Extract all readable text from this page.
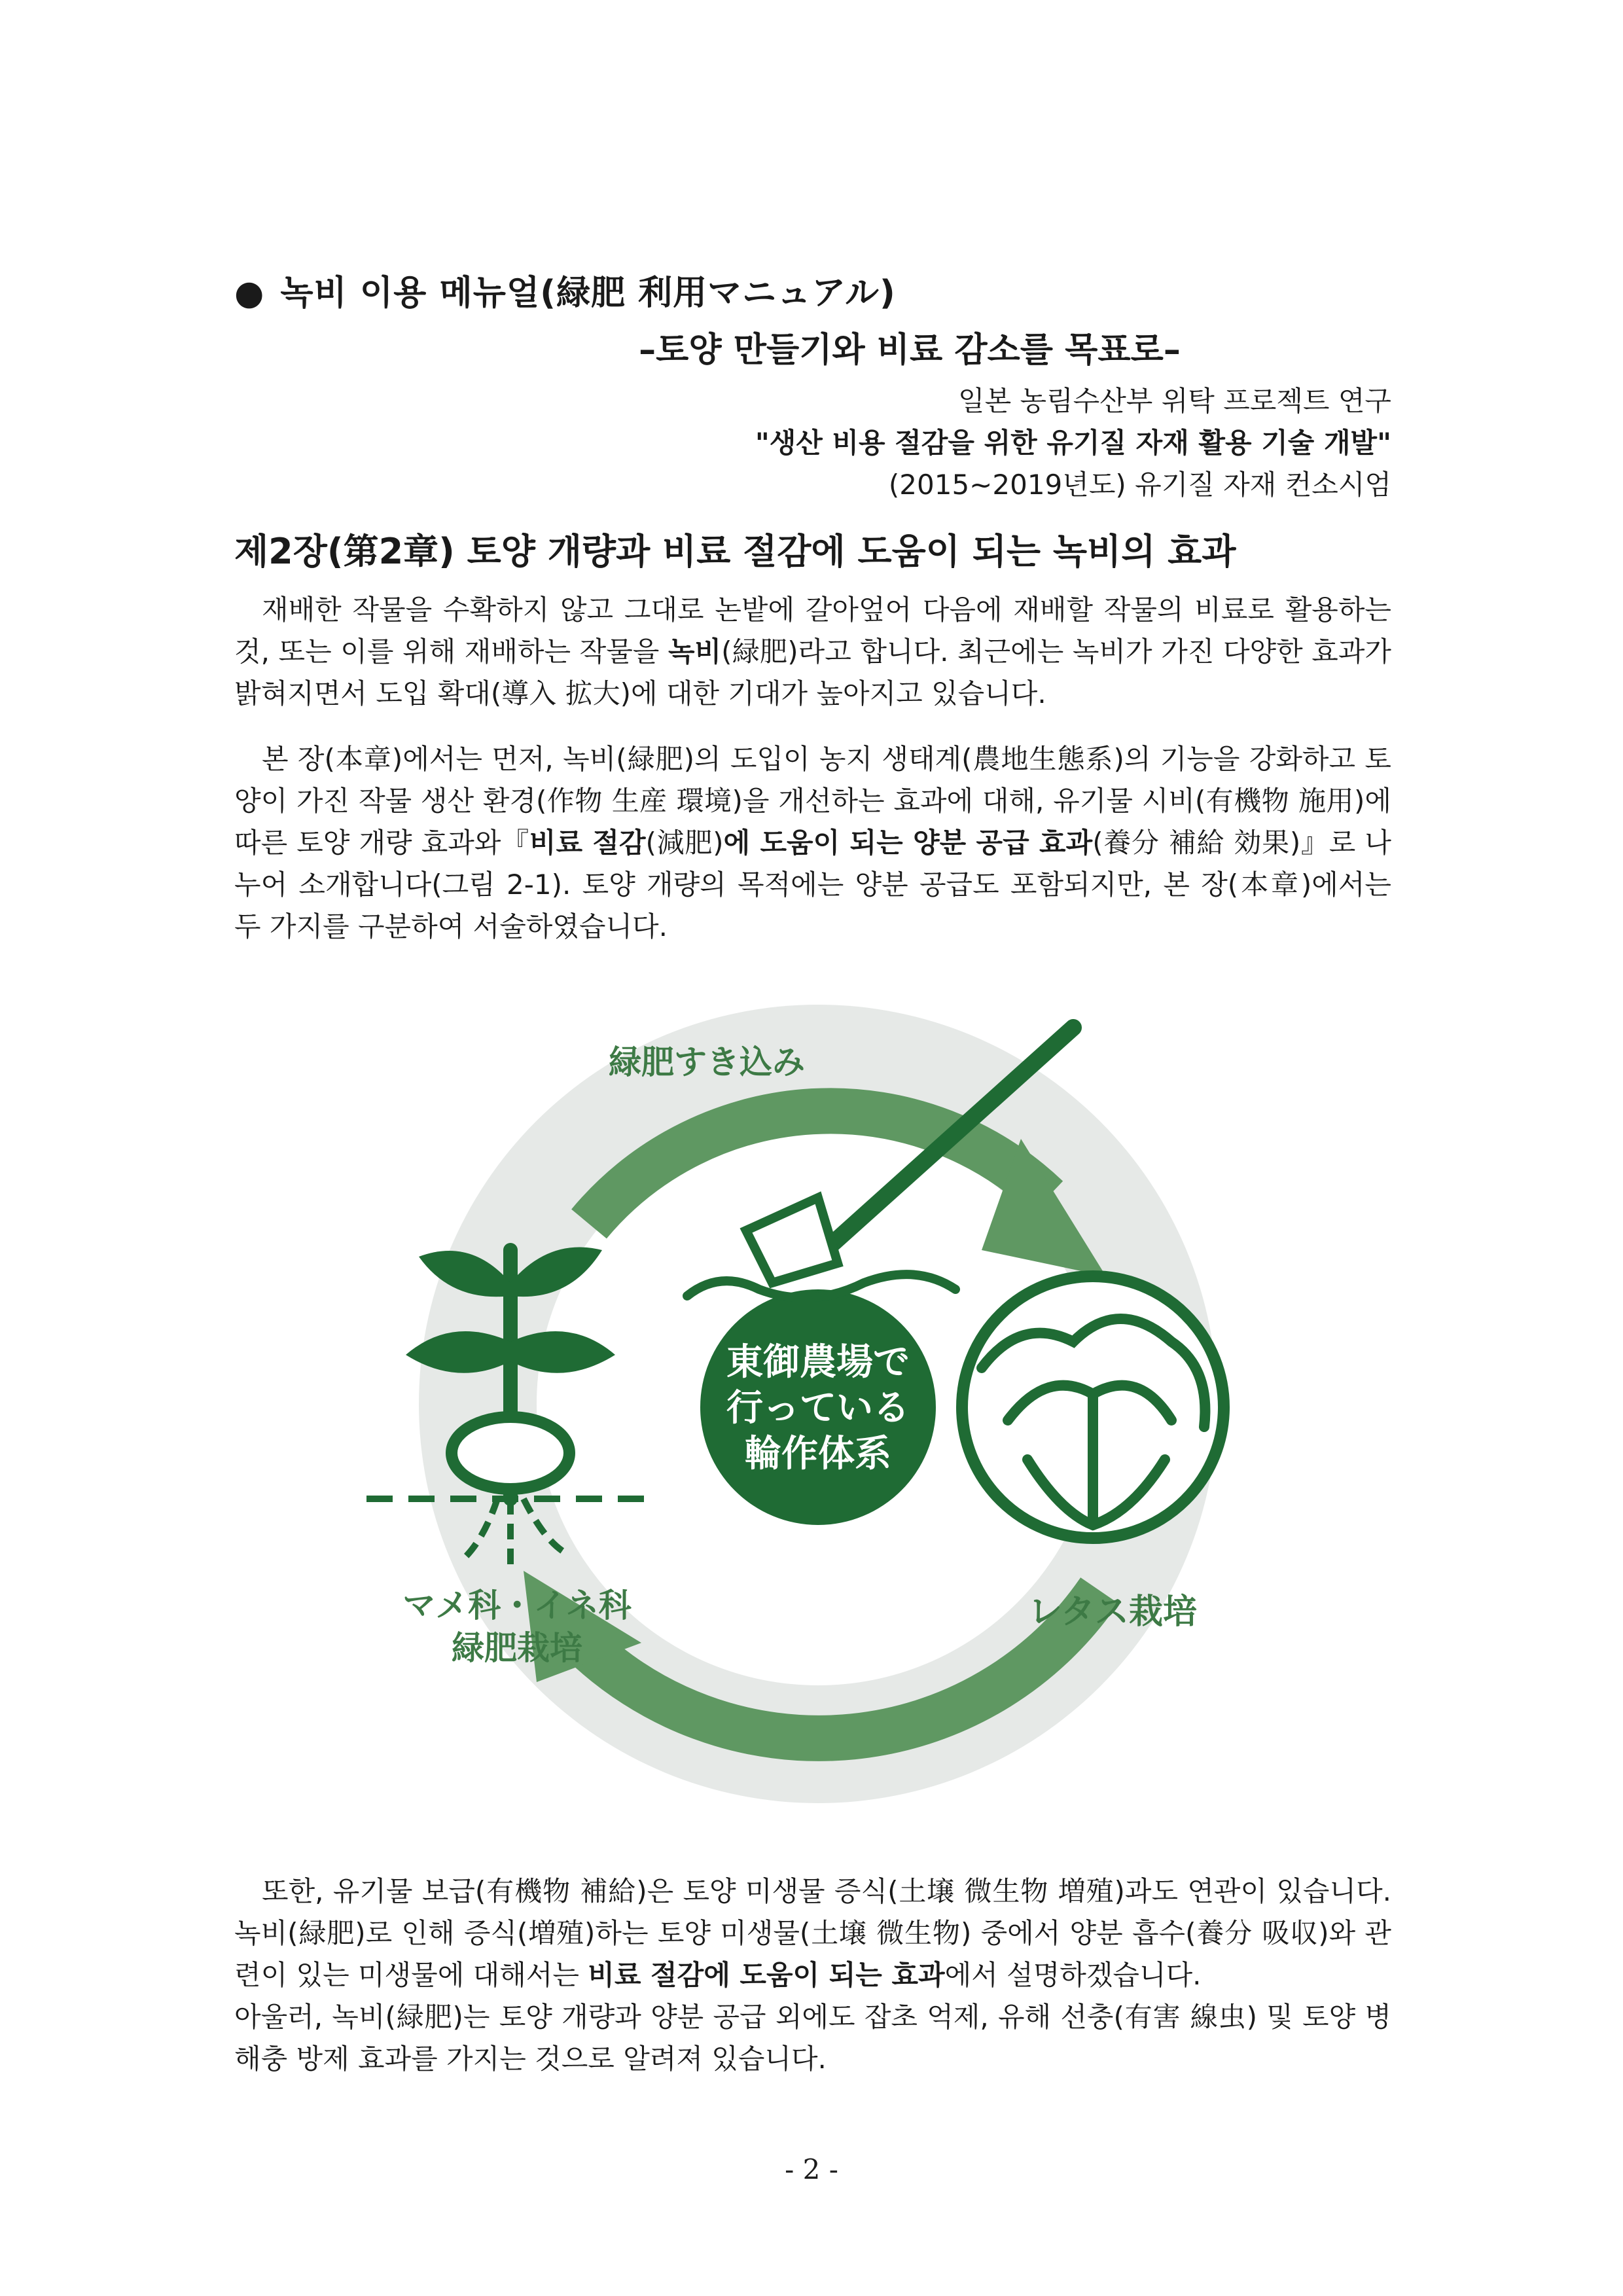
● 녹비 이용 메뉴얼(緑肥 利用マニュアル)
–토양 만들기와 비료 감소를 목표로–
일본 농림수산부 위탁 프로젝트 연구
"생산 비용 절감을 위한 유기질 자재 활용 기술 개발"
(2015~2019년도) 유기질 자재 컨소시엄
제2장(第2章) 토양 개량과 비료 절감에 도움이 되는 녹비의 효과
재배한 작물을 수확하지 않고 그대로 논밭에 갈아엎어 다음에 재배할 작물의 비료로 활용하는 것, 또는 이를 위해 재배하는 작물을 녹비(緑肥)라고 합니다. 최근에는 녹비가 가진 다양한 효과가 밝혀지면서 도입 확대(導入 拡大)에 대한 기대가 높아지고 있습니다.
본 장(本章)에서는 먼저, 녹비(緑肥)의 도입이 농지 생태계(農地生態系)의 기능을 강화하고 토양이 가진 작물 생산 환경(作物 生産 環境)을 개선하는 효과에 대해, 유기물 시비(有機物 施用)에 따른 토양 개량 효과와『비료 절감(減肥)에 도움이 되는 양분 공급 효과(養分 補給 効果)』로 나누어 소개합니다(그림 2-1). 토양 개량의 목적에는 양분 공급도 포함되지만, 본 장(本章)에서는 두 가지를 구분하여 서술하였습니다.
東御農場で
行っている
輪作体系
緑肥すき込み
レタス栽培
マメ科・イネ科
緑肥栽培
또한, 유기물 보급(有機物 補給)은 토양 미생물 증식(土壌 微生物 増殖)과도 연관이 있습니다. 녹비(緑肥)로 인해 증식(増殖)하는 토양 미생물(土壌 微生物) 중에서 양분 흡수(養分 吸収)와 관련이 있는 미생물에 대해서는 비료 절감에 도움이 되는 효과에서 설명하겠습니다.
아울러, 녹비(緑肥)는 토양 개량과 양분 공급 외에도 잡초 억제, 유해 선충(有害 線虫) 및 토양 병해충 방제 효과를 가지는 것으로 알려져 있습니다.
- 2 -
